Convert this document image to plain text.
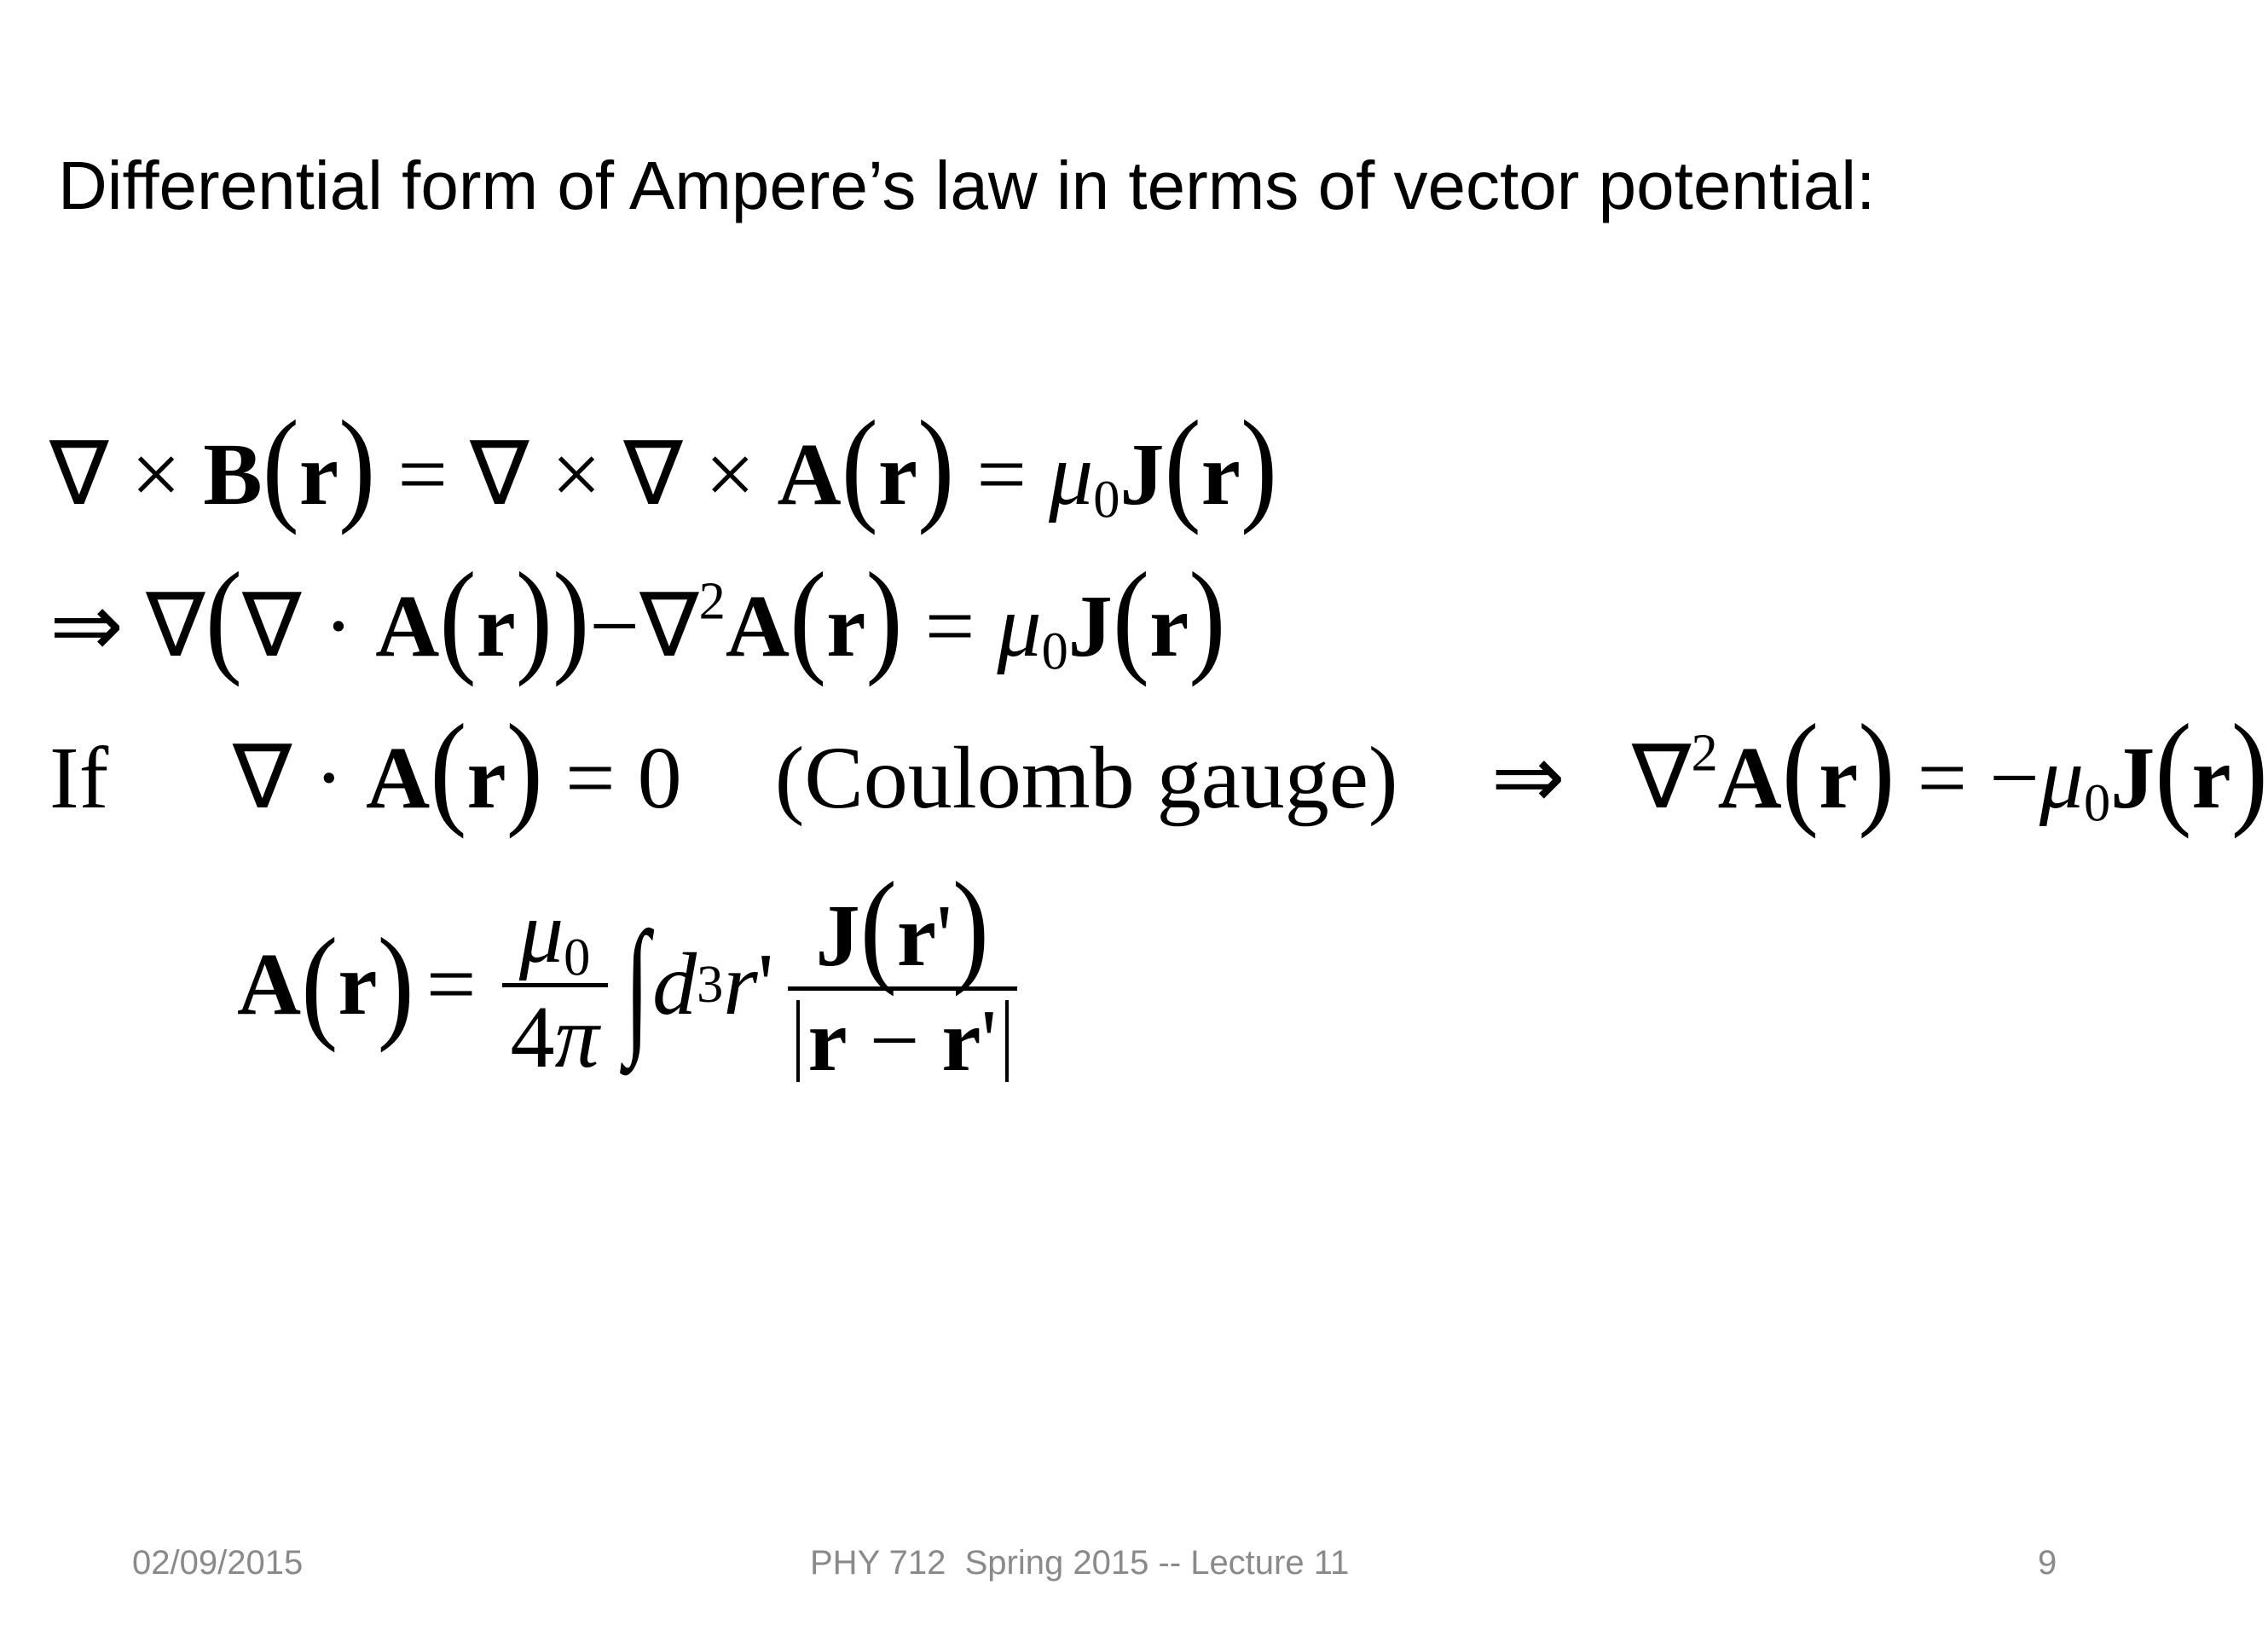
Differential form of Ampere’s law in terms of vector potential:
∇ × B(r) = ∇ × ∇ × $A(r) = \mu_0J(r)$
⇒ ∇(∇ · $A(r))-\nabla^2A(r) = \mu_0J(r)$
If ∇ · A(r) = 0 (Coulomb gauge) ⇒ $\nabla^2A(r) = -\mu_0J(r)$
A ( r ) =
$\mu_0$
4π ∫ d 3 r ' J(r')
r − r'
02/09/2015	PHY 712  Spring 2015 -- Lecture 11	9
